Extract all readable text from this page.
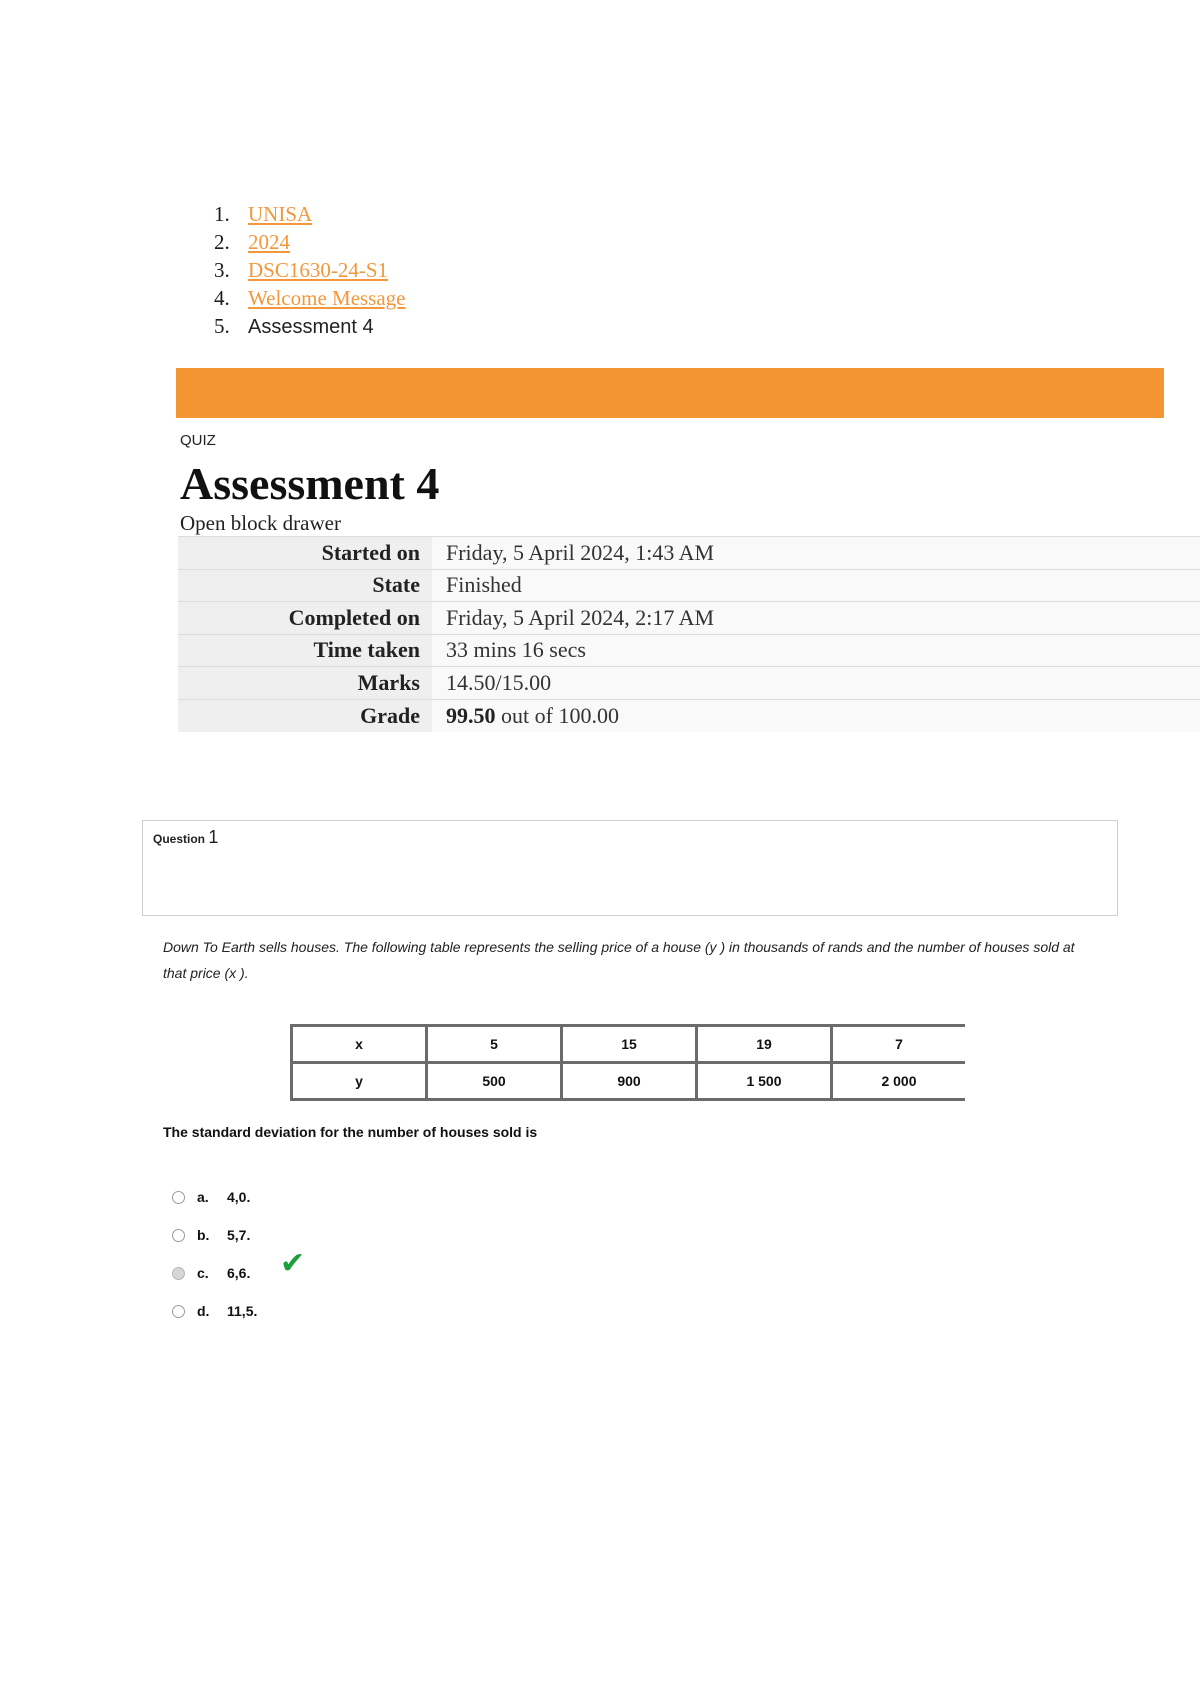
1. UNISA
2. 2024
3. DSC1630-24-S1
4. Welcome Message
5. Assessment 4
QUIZ
Assessment 4
Open block drawer
Started on	Friday, 5 April 2024, 1:43 AM
State	Finished
Completed on	Friday, 5 April 2024, 2:17 AM
Time taken	33 mins 16 secs
Marks	14.50/15.00
Grade	99.50 out of 100.00
Question 1
Down To Earth sells houses. The following table represents the selling price of a house (y ) in thousands of rands and the number of houses sold at that price (x ).
x	5	15	19	7
y	500	900	1 500	2 000
The standard deviation for the number of houses sold is
a.	4,0.
b.	5,7.
c.	6,6. ✔
d.	11,5.
